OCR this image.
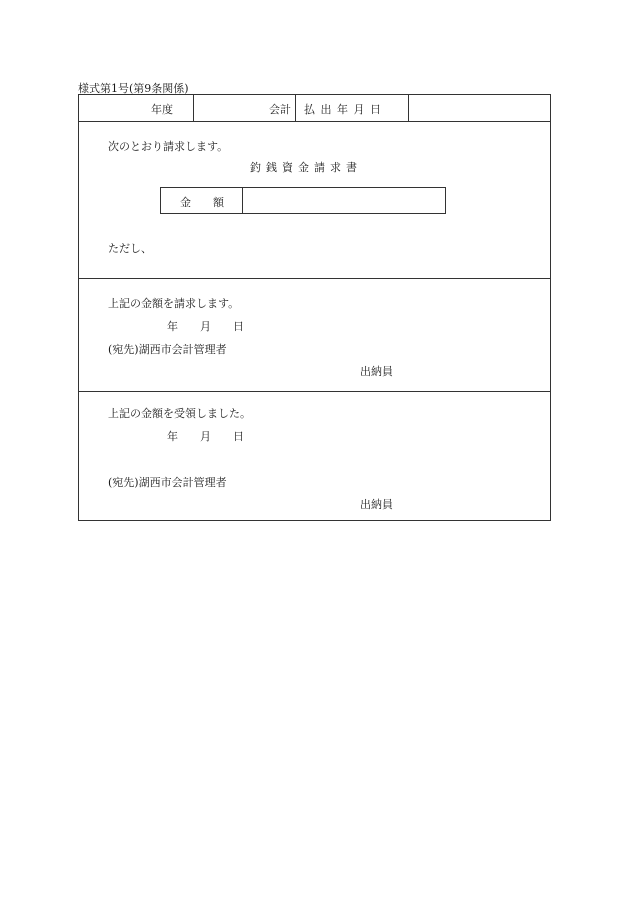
様式第1号(第9条関係)
年度	会計 払 出 年 月 日
次のとおり請求します。
釣銭資金請求書
金　　額
ただし、
上記の金額を請求します。
年　　月　　日
(宛先)湖西市会計管理者
出納員
上記の金額を受領しました。
年　　月　　日
(宛先)湖西市会計管理者
出納員
